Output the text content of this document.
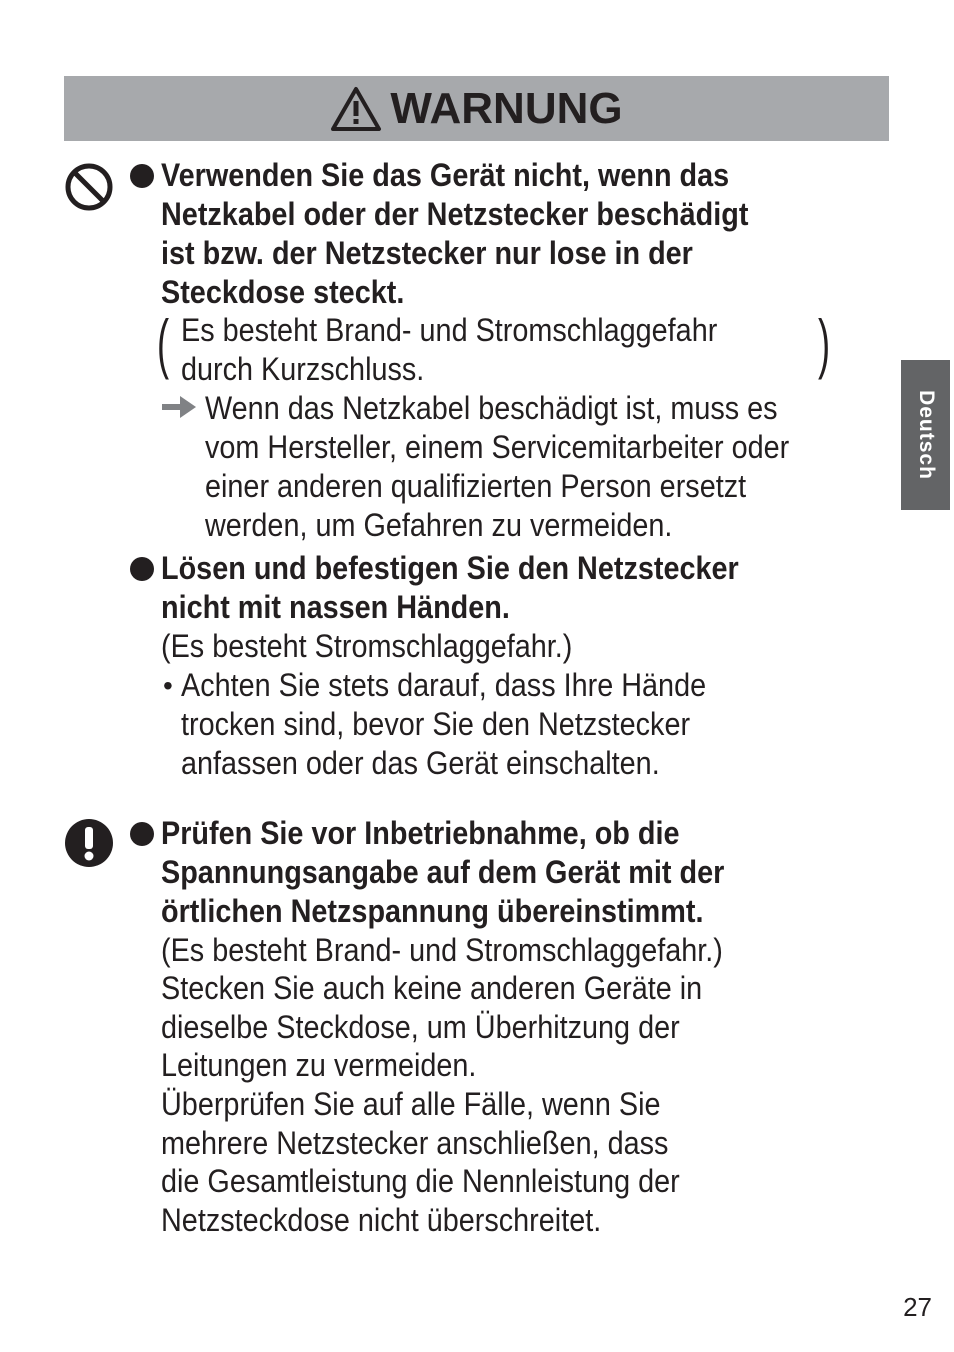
WARNUNG
Deutsch
Verwenden Sie das Gerät nicht, wenn das
Netzkabel oder der Netzstecker beschädigt
ist bzw. der Netzstecker nur lose in der
Steckdose steckt.
( Es besteht Brand- und Stromschlaggefahr
durch Kurzschluss.	)
Wenn das Netzkabel beschädigt ist, muss es
vom Hersteller, einem Servicemitarbeiter oder
einer anderen qualifizierten Person ersetzt
werden, um Gefahren zu vermeiden.
Lösen und befestigen Sie den Netzstecker
nicht mit nassen Händen.
(Es besteht Stromschlaggefahr.)
• Achten Sie stets darauf, dass Ihre Hände
trocken sind, bevor Sie den Netzstecker
anfassen oder das Gerät einschalten.
Prüfen Sie vor Inbetriebnahme, ob die
Spannungsangabe auf dem Gerät mit der
örtlichen Netzspannung übereinstimmt.
(Es besteht Brand- und Stromschlaggefahr.)
Stecken Sie auch keine anderen Geräte in
dieselbe Steckdose, um Überhitzung der
Leitungen zu vermeiden.
Überprüfen Sie auf alle Fälle, wenn Sie
mehrere Netzstecker anschließen, dass
die Gesamtleistung die Nennleistung der
Netzsteckdose nicht überschreitet.
27
